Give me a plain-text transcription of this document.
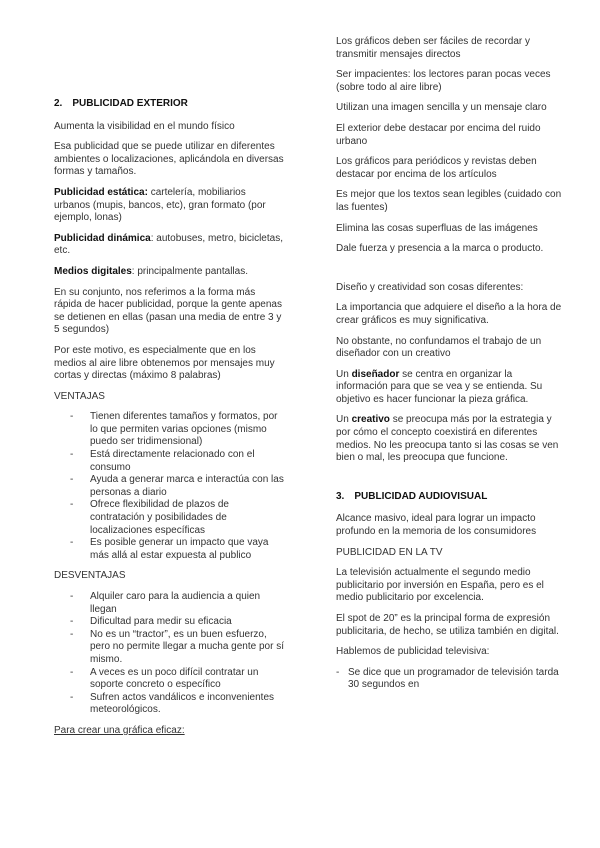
2. PUBLICIDAD EXTERIOR

Aumenta la visibilidad en el mundo físico

Esa publicidad que se puede utilizar en diferentes ambientes o localizaciones, aplicándola en diversas formas y tamaños.

Publicidad estática: cartelería, mobiliarios urbanos (mupis, bancos, etc), gran formato (por ejemplo, lonas)

Publicidad dinámica: autobuses, metro, bicicletas, etc.

Medios digitales: principalmente pantallas.

En su conjunto, nos referimos a la forma más rápida de hacer publicidad, porque la gente apenas se detienen en ellas (pasan una media de entre 3 y 5 segundos)

Por este motivo, es especialmente que en los medios al aire libre obtenemos por mensajes muy cortas y directas (máximo 8 palabras)

VENTAJAS

- Tienen diferentes tamaños y formatos, por lo que permiten varias opciones (mismo puedo ser tridimensional)
- Está directamente relacionado con el consumo
- Ayuda a generar marca e interactúa con las personas a diario
- Ofrece flexibilidad de plazos de contratación y posibilidades de localizaciones específicas
- Es posible generar un impacto que vaya más allá al estar expuesta al publico

DESVENTAJAS

- Alquiler caro para la audiencia a quien llegan
- Dificultad para medir su eficacia
- No es un “tractor”, es un buen esfuerzo, pero no permite llegar a mucha gente por sí mismo.
- A veces es un poco difícil contratar un soporte concreto o específico
- Sufren actos vandálicos e inconvenientes meteorológicos.

Para crear una gráfica eficaz:

Los gráficos deben ser fáciles de recordar y transmitir mensajes directos

Ser impacientes: los lectores paran pocas veces (sobre todo al aire libre)

Utilizan una imagen sencilla y un mensaje claro

El exterior debe destacar por encima del ruido urbano

Los gráficos para periódicos y revistas deben destacar por encima de los artículos

Es mejor que los textos sean legibles (cuidado con las fuentes)

Elimina las cosas superfluas de las imágenes

Dale fuerza y presencia a la marca o producto.

Diseño y creatividad son cosas diferentes:

La importancia que adquiere el diseño a la hora de crear gráficos es muy significativa.

No obstante, no confundamos el trabajo de un diseñador con un creativo

Un diseñador se centra en organizar la información para que se vea y se entienda. Su objetivo es hacer funcionar la pieza gráfica.

Un creativo se preocupa más por la estrategia y por cómo el concepto coexistirá en diferentes medios. No les preocupa tanto si las cosas se ven bien o mal, les preocupa que funcione.

3. PUBLICIDAD AUDIOVISUAL

Alcance masivo, ideal para lograr un impacto profundo en la memoria de los consumidores

PUBLICIDAD EN LA TV

La televisión actualmente el segundo medio publicitario por inversión en España, pero es el medio publicitario por excelencia.

El spot de 20” es la principal forma de expresión publicitaria, de hecho, se utiliza también en digital.

Hablemos de publicidad televisiva:

- Se dice que un programador de televisión tarda 30 segundos en
